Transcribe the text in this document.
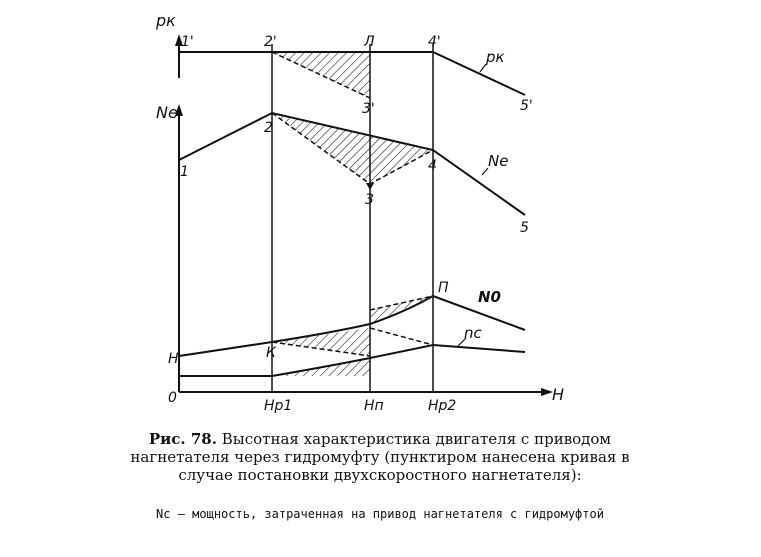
pк
Ne
H
0
Н
Hp1	Hп	Hp2
pк
Ne
N0
nс
1'	2'	Л	4'
5'
3'
1
2
3
4
5
К
П
Рис. 78. Высотная характеристика двигателя с приводом нагнетателя через гидромуфту (пунктиром нанесена кривая в случае постановки двухскоростного нагнетателя):
Nс — мощность, затраченная на привод нагнетателя с гидромуфтой
